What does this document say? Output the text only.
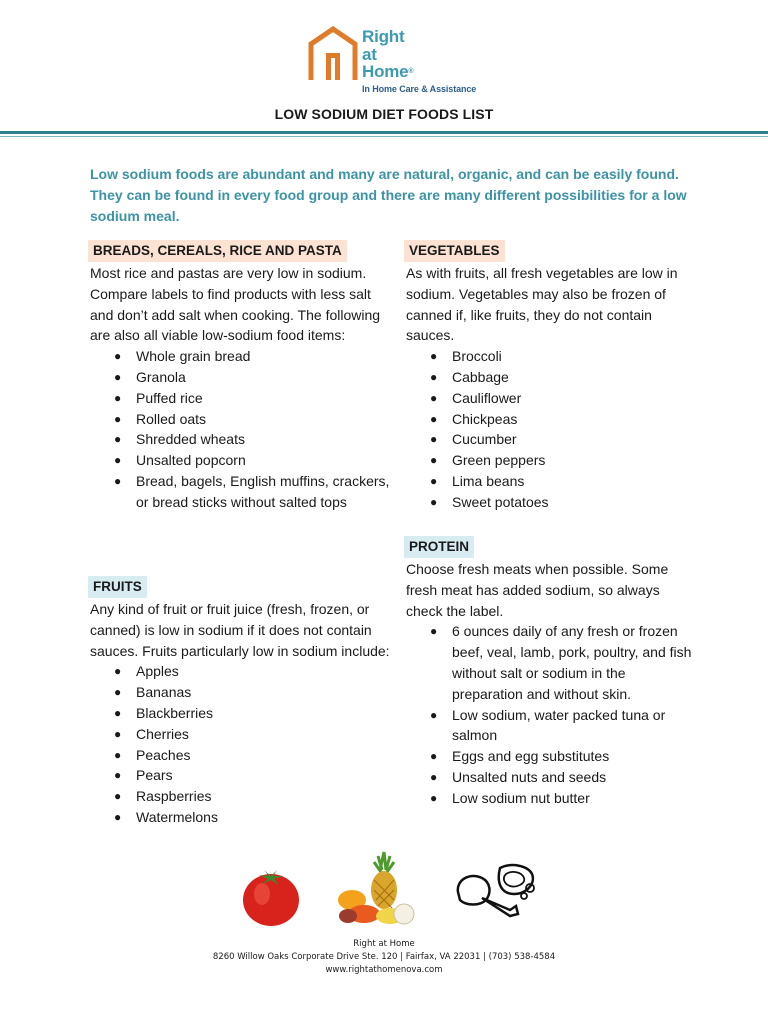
Right
at
Home®
In Home Care & Assistance
LOW SODIUM DIET FOODS LIST
Low sodium foods are abundant and many are natural, organic, and can be easily found. They can be found in every food group and there are many different possibilities for a low sodium meal.
BREADS, CEREALS, RICE AND PASTA
Most rice and pastas are very low in sodium. Compare labels to find products with less salt and don’t add salt when cooking. The following are also all viable low-sodium food items:
● Whole grain bread
● Granola
● Puffed rice
● Rolled oats
● Shredded wheats
● Unsalted popcorn
● Bread, bagels, English muffins, crackers, or bread sticks without salted tops
FRUITS
Any kind of fruit or fruit juice (fresh, frozen, or canned) is low in sodium if it does not contain sauces. Fruits particularly low in sodium include:
● Apples
● Bananas
● Blackberries
● Cherries
● Peaches
● Pears
● Raspberries
● Watermelons
VEGETABLES
As with fruits, all fresh vegetables are low in sodium. Vegetables may also be frozen of canned if, like fruits, they do not contain sauces.
● Broccoli
● Cabbage
● Cauliflower
● Chickpeas
● Cucumber
● Green peppers
● Lima beans
● Sweet potatoes
PROTEIN
Choose fresh meats when possible. Some fresh meat has added sodium, so always check the label.
● 6 ounces daily of any fresh or frozen beef, veal, lamb, pork, poultry, and fish without salt or sodium in the preparation and without skin.
● Low sodium, water packed tuna or salmon
● Eggs and egg substitutes
● Unsalted nuts and seeds
● Low sodium nut butter
Right at Home
8260 Willow Oaks Corporate Drive Ste. 120 | Fairfax, VA 22031 | (703) 538-4584
www.rightathomenova.com
